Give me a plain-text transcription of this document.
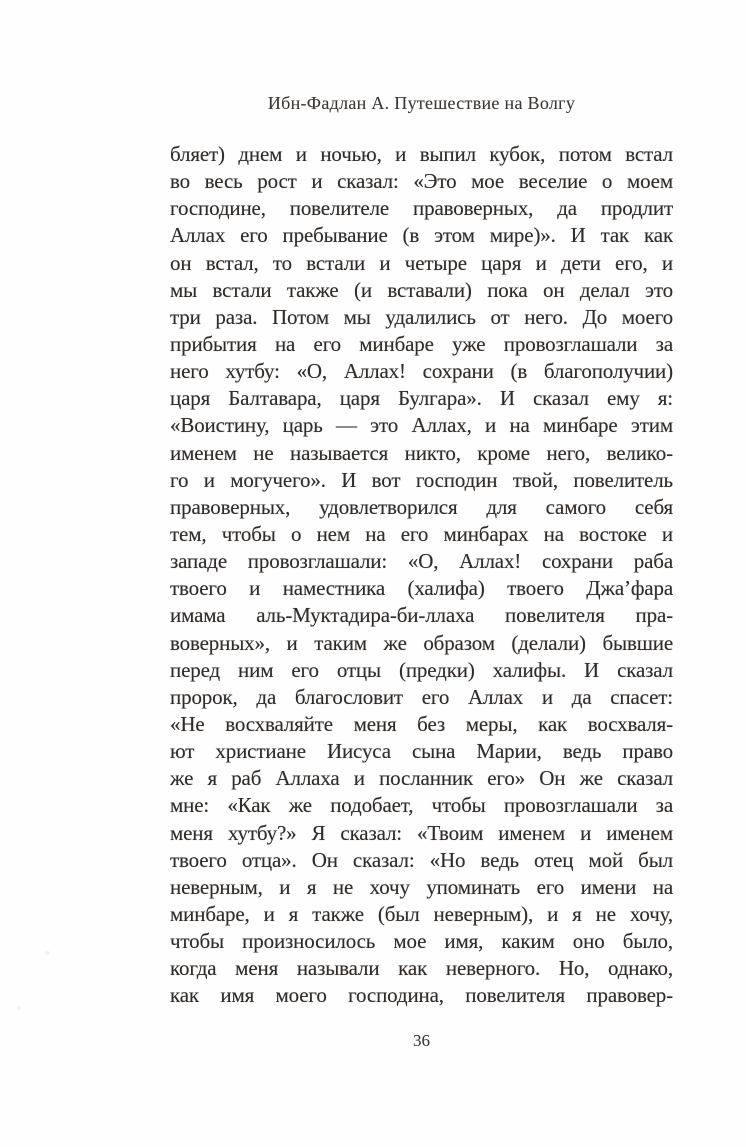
Ибн-Фадлан А. Путешествие на Волгу
бляет) днем и ночью, и выпил кубок, потом встал
во весь рост и сказал: «Это мое веселие о моем
господине, повелителе правоверных, да продлит
Аллах его пребывание (в этом мире)». И так как
он встал, то встали и четыре царя и дети его, и
мы встали также (и вставали) пока он делал это
три раза. Потом мы удалились от него. До моего
прибытия на его минбаре уже провозглашали за
него хутбу: «О, Аллах! сохрани (в благополучии)
царя Балтавара, царя Булгара». И сказал ему я:
«Воистину, царь — это Аллах, и на минбаре этим
именем не называется никто, кроме него, велико-
го и могучего». И вот господин твой, повелитель
правоверных, удовлетворился для самого себя
тем, чтобы о нем на его минбарах на востоке и
западе провозглашали: «О, Аллах! сохрани раба
твоего и наместника (халифа) твоего Джа’фара
имама аль-Муктадира-би-ллаха повелителя пра-
воверных», и таким же образом (делали) бывшие
перед ним его отцы (предки) халифы. И сказал
пророк, да благословит его Аллах и да спасет:
«Не восхваляйте меня без меры, как восхваля-
ют христиане Иисуса сына Марии, ведь право
же я раб Аллаха и посланник его» Он же сказал
мне: «Как же подобает, чтобы провозглашали за
меня хутбу?» Я сказал: «Твоим именем и именем
твоего отца». Он сказал: «Но ведь отец мой был
неверным, и я не хочу упоминать его имени на
минбаре, и я также (был неверным), и я не хочу,
чтобы произносилось мое имя, каким оно было,
когда меня называли как неверного. Но, однако,
как имя моего господина, повелителя правовер-
36
